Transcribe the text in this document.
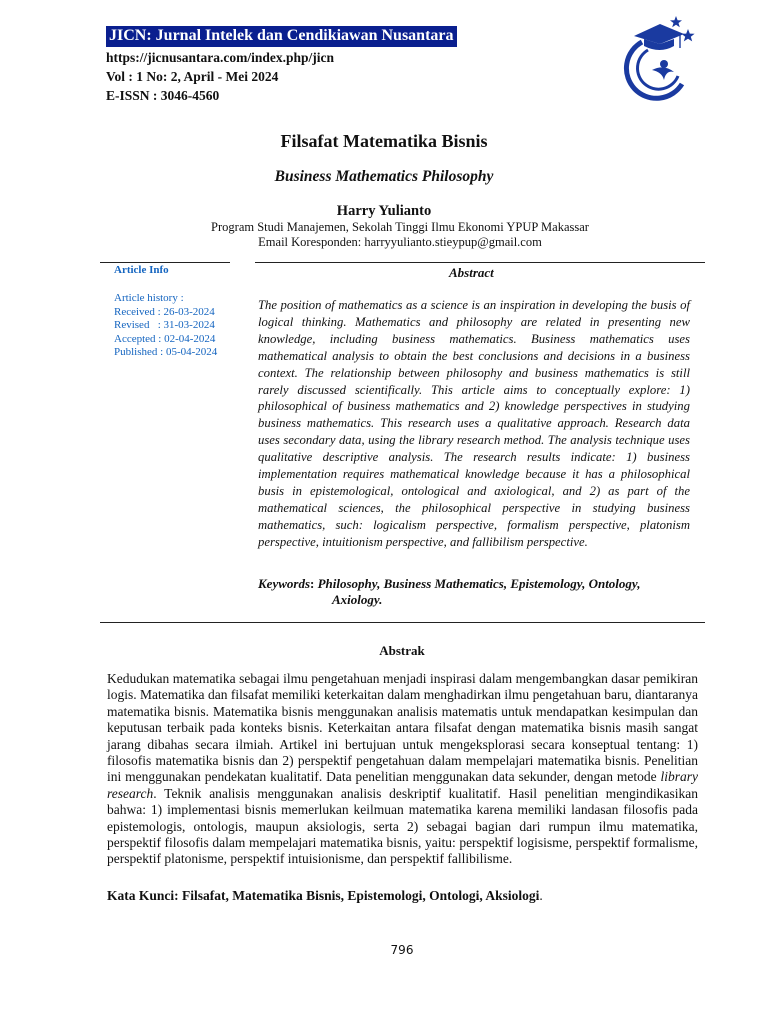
JICN: Jurnal Intelek dan Cendikiawan Nusantara
https://jicnusantara.com/index.php/jicn
Vol : 1 No: 2, April - Mei 2024
E-ISSN : 3046-4560
Filsafat Matematika Bisnis
Business Mathematics Philosophy
Harry Yulianto
Program Studi Manajemen, Sekolah Tinggi Ilmu Ekonomi YPUP Makassar
Email Koresponden: harryyulianto.stieypup@gmail.com
Article Info
Article history :
Received : 26-03-2024
Revised   : 31-03-2024
Accepted : 02-04-2024
Published : 05-04-2024
Abstract
The position of mathematics as a science is an inspiration in developing the busis of logical thinking. Mathematics and philosophy are related in presenting new knowledge, including business mathematics. Business mathematics uses mathematical analysis to obtain the best conclusions and decisions in a business context. The relationship between philosophy and business mathematics is still rarely discussed scientifically. This article aims to conceptually explore: 1) philosophical of business mathematics and 2) knowledge perspectives in studying business mathematics. This research uses a qualitative approach. Research data uses secondary data, using the library research method. The analysis technique uses qualitative descriptive analysis. The research results indicate: 1) business implementation requires mathematical knowledge because it has a philosophical busis in epistemological, ontological and axiological, and 2) as part of the mathematical sciences, the philosophical perspective in studying business mathematics, such: logicalism perspective, formalism perspective, platonism perspective, intuitionism perspective, and fallibilism perspective.
Keywords: Philosophy, Business Mathematics, Epistemology, Ontology,
Axiology.
Abstrak
Kedudukan matematika sebagai ilmu pengetahuan menjadi inspirasi dalam mengembangkan dasar pemikiran logis. Matematika dan filsafat memiliki keterkaitan dalam menghadirkan ilmu pengetahuan baru, diantaranya matematika bisnis. Matematika bisnis menggunakan analisis matematis untuk mendapatkan kesimpulan dan keputusan terbaik pada konteks bisnis. Keterkaitan antara filsafat dengan matematika bisnis masih sangat jarang dibahas secara ilmiah. Artikel ini bertujuan untuk mengeksplorasi secara konseptual tentang: 1) filosofis matematika bisnis dan 2) perspektif pengetahuan dalam mempelajari matematika bisnis. Penelitian ini menggunakan pendekatan kualitatif. Data penelitian menggunakan data sekunder, dengan metode library research. Teknik analisis menggunakan analisis deskriptif kualitatif. Hasil penelitian mengindikasikan bahwa: 1) implementasi bisnis memerlukan keilmuan matematika karena memiliki landasan filosofis pada epistemologis, ontologis, maupun aksiologis, serta 2) sebagai bagian dari rumpun ilmu matematika, perspektif filosofis dalam mempelajari matematika bisnis, yaitu: perspektif logisisme, perspektif formalisme, perspektif platonisme, perspektif intuisionisme, dan perspektif fallibilisme.
Kata Kunci: Filsafat, Matematika Bisnis, Epistemologi, Ontologi, Aksiologi.
796
